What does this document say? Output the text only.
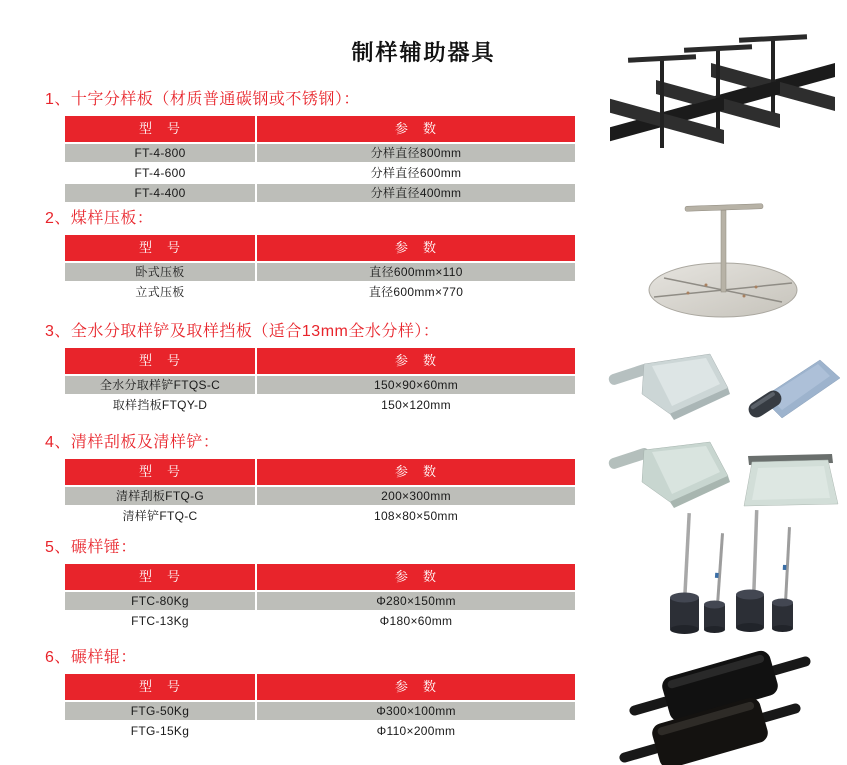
制样辅助器具
1、十字分样板（材质普通碳钢或不锈钢）：
型　号	参　数
FT-4-800	分样直径800mm
FT-4-600	分样直径600mm
FT-4-400	分样直径400mm
2、煤样压板：
型　号	参　数
卧式压板	直径600mm×110
立式压板	直径600mm×770
3、全水分取样铲及取样挡板（适合13mm全水分样）：
型　号	参　数
全水分取样铲FTQS-C	150×90×60mm
取样挡板FTQY-D	150×120mm
4、清样刮板及清样铲：
型　号	参　数
清样刮板FTQ-G	200×300mm
清样铲FTQ-C	108×80×50mm
5、碾样锤：
型　号	参　数
FTC-80Kg	Φ280×150mm
FTC-13Kg	Φ180×60mm
6、碾样辊：
型　号	参　数
FTG-50Kg	Φ300×100mm
FTG-15Kg	Φ110×200mm
